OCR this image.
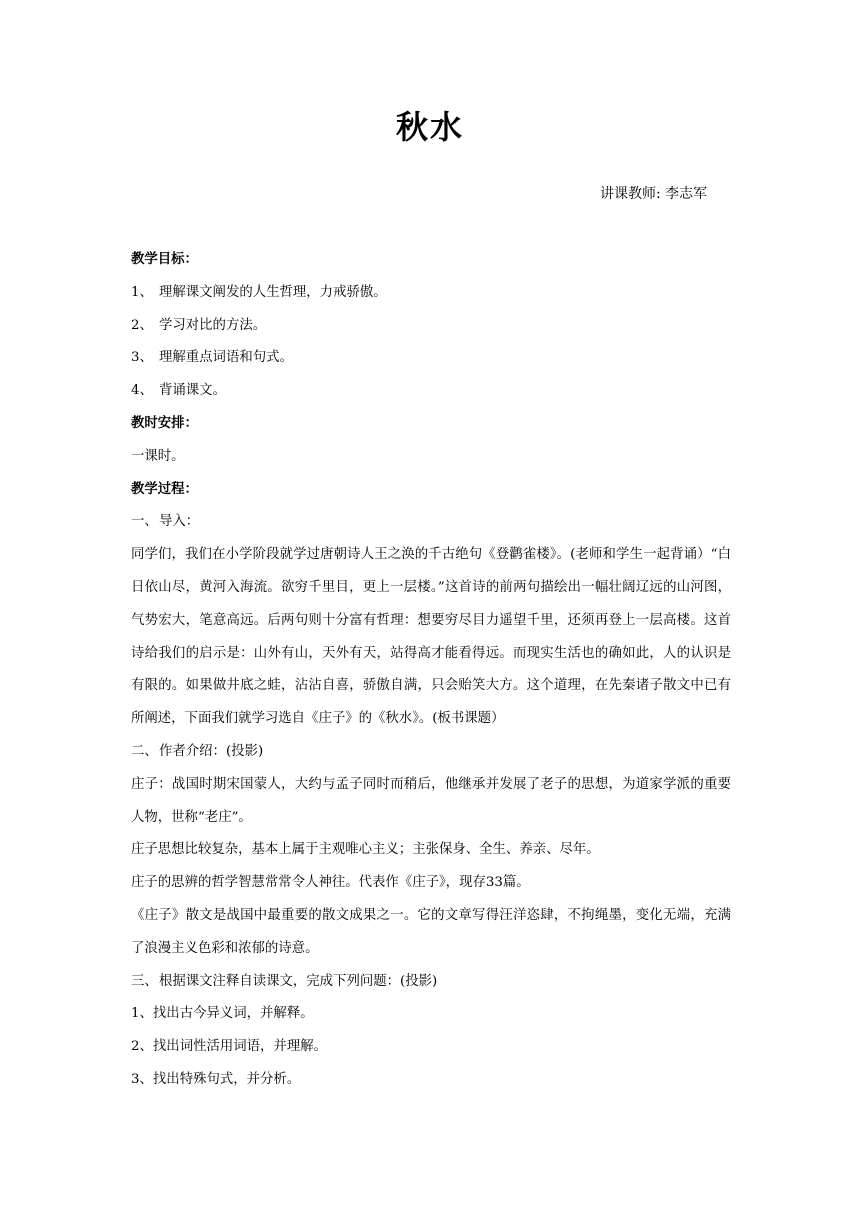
秋水
讲课教师: 李志军

教学目标：

1、 理解课文阐发的人生哲理，力戒骄傲。

2、 学习对比的方法。

3、 理解重点词语和句式。

4、 背诵课文。

教时安排：

一课时。

教学过程：

一、导入：

同学们，我们在小学阶段就学过唐朝诗人王之涣的千古绝句《登鹳雀楼》。(老师和学生一起背诵）“白日依山尽，黄河入海流。欲穷千里目，更上一层楼。”这首诗的前两句描绘出一幅壮阔辽远的山河图，气势宏大，笔意高远。后两句则十分富有哲理：想要穷尽目力遥望千里，还须再登上一层高楼。这首诗给我们的启示是：山外有山，天外有天，站得高才能看得远。而现实生活也的确如此，人的认识是有限的。如果做井底之蛙，沾沾自喜，骄傲自满，只会贻笑大方。这个道理，在先秦诸子散文中已有所阐述，下面我们就学习选自《庄子》的《秋水》。(板书课题）

二、作者介绍：(投影)

庄子：战国时期宋国蒙人，大约与孟子同时而稍后，他继承并发展了老子的思想，为道家学派的重要人物，世称“老庄”。

庄子思想比较复杂，基本上属于主观唯心主义；主张保身、全生、养亲、尽年。

庄子的思辨的哲学智慧常常令人神往。代表作《庄子》，现存33篇。

《庄子》散文是战国中最重要的散文成果之一。它的文章写得汪洋恣肆，不拘绳墨，变化无端，充满了浪漫主义色彩和浓郁的诗意。

三、根据课文注释自读课文，完成下列问题：(投影)

1、找出古今异义词，并解释。

2、找出词性活用词语，并理解。

3、找出特殊句式，并分析。
